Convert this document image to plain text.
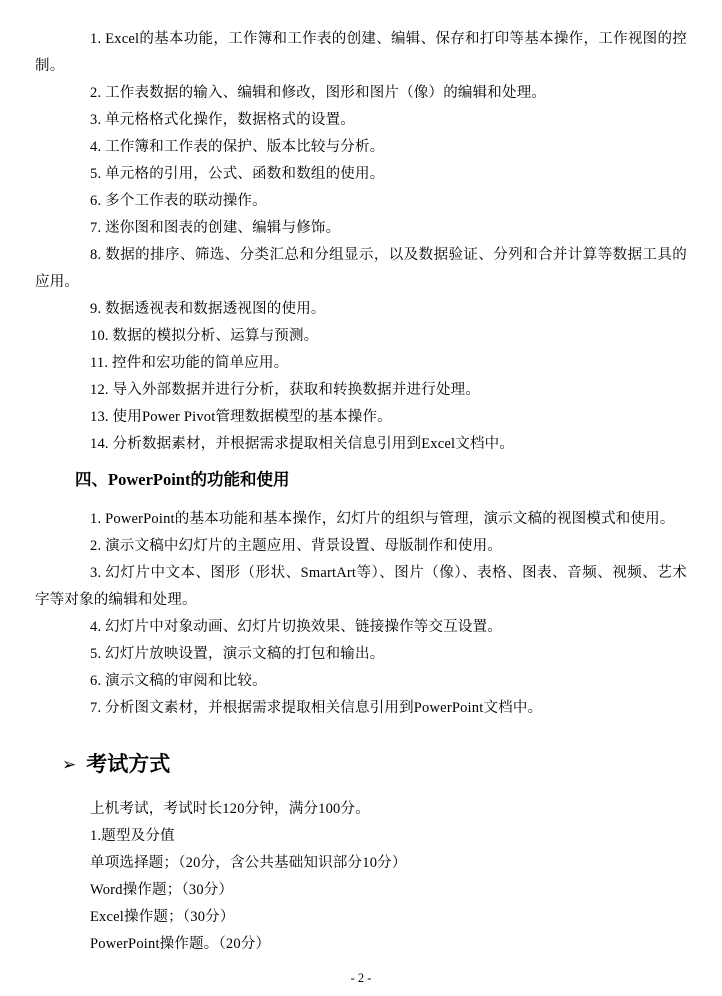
1. Excel的基本功能，工作簿和工作表的创建、编辑、保存和打印等基本操作，工作视图的控制。

2. 工作表数据的输入、编辑和修改，图形和图片（像）的编辑和处理。

3. 单元格格式化操作，数据格式的设置。

4. 工作簿和工作表的保护、版本比较与分析。

5. 单元格的引用，公式、函数和数组的使用。

6. 多个工作表的联动操作。

7. 迷你图和图表的创建、编辑与修饰。

8. 数据的排序、筛选、分类汇总和分组显示，以及数据验证、分列和合并计算等数据工具的应用。

9. 数据透视表和数据透视图的使用。

10. 数据的模拟分析、运算与预测。

11. 控件和宏功能的简单应用。

12. 导入外部数据并进行分析，获取和转换数据并进行处理。

13. 使用Power Pivot管理数据模型的基本操作。

14. 分析数据素材，并根据需求提取相关信息引用到Excel文档中。

四、PowerPoint的功能和使用

1. PowerPoint的基本功能和基本操作，幻灯片的组织与管理，演示文稿的视图模式和使用。

2. 演示文稿中幻灯片的主题应用、背景设置、母版制作和使用。

3. 幻灯片中文本、图形（形状、SmartArt等）、图片（像）、表格、图表、音频、视频、艺术字等对象的编辑和处理。

4. 幻灯片中对象动画、幻灯片切换效果、链接操作等交互设置。

5. 幻灯片放映设置，演示文稿的打包和输出。

6. 演示文稿的审阅和比较。

7. 分析图文素材，并根据需求提取相关信息引用到PowerPoint文档中。

➢ 考试方式

上机考试，考试时长120分钟，满分100分。

1.题型及分值

单项选择题；（20分，含公共基础知识部分10分）

Word操作题；（30分）

Excel操作题；（30分）

PowerPoint操作题。（20分）

- 2 -
